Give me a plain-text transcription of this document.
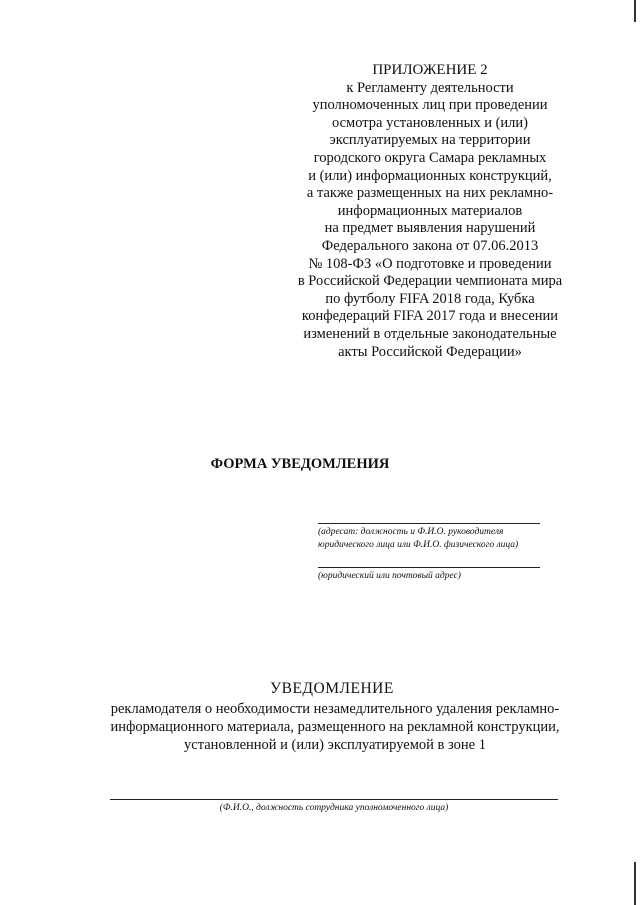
ПРИЛОЖЕНИЕ 2
к Регламенту деятельности
уполномоченных лиц при проведении
осмотра установленных и (или)
эксплуатируемых на территории
городского округа Самара рекламных
и (или) информационных конструкций,
а также размещенных на них рекламно-
информационных материалов
на предмет выявления нарушений
Федерального закона от 07.06.2013
№ 108-ФЗ «О подготовке и проведении
в Российской Федерации чемпионата мира
по футболу FIFA 2018 года, Кубка
конфедераций FIFA 2017 года и внесении
изменений в отдельные законодательные
акты Российской Федерации»
ФОРМА УВЕДОМЛЕНИЯ
(адресат: должность и Ф.И.О. руководителя
юридического лица или Ф.И.О. физического лица)
(юридический или почтовый адрес)
УВЕДОМЛЕНИЕ
рекламодателя о необходимости незамедлительного удаления рекламно-
информационного материала, размещенного на рекламной конструкции,
установленной и (или) эксплуатируемой в зоне 1
(Ф.И.О., должность сотрудника уполномоченного лица)
